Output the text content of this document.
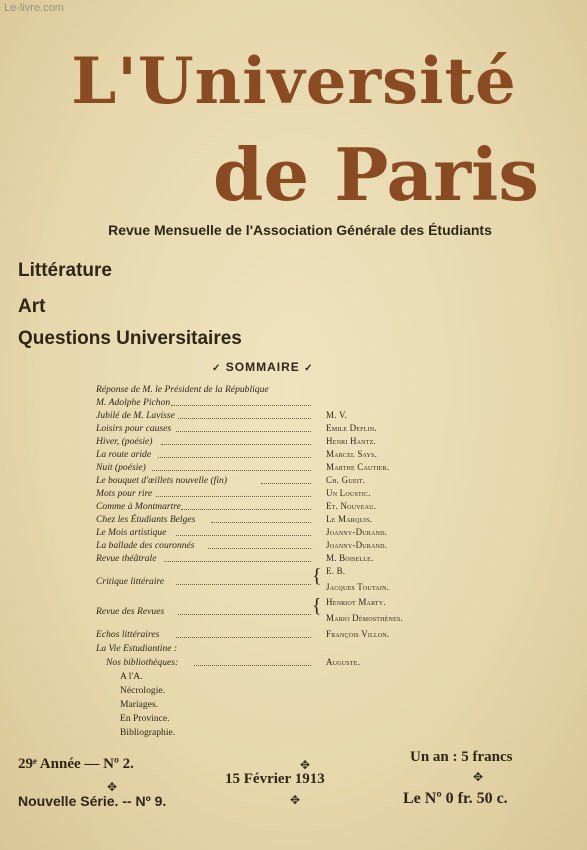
Le-livre.com
L'Université
de Paris
Revue Mensuelle de l'Association Générale des Étudiants
Littérature
Art
Questions Universitaires
✓ SOMMAIRE ✓
Réponse de M. le Président de la République
M. Adolphe Pichon
Jubilé de M. Lavisse	M. V.
Loisirs pour causes	Emile Deflin.
Hiver, (poésie)	Henri Hantz.
La route aride	Marcel Says.
Nuit (poésie)	Marthe Cautier.
Le bouquet d'œillets nouvelle (fin)	Ch. Gueit.
Mots pour rire	Un Loustic.
Comme à Montmartre	Et. Nouveau.
Chez les Étudiants Belges	Le Marquis.
Le Mois artistique	Joanny-Durand.
La ballade des couronnés	Joanny-Durand.
Revue théâtrale	M. Boiselle.
Critique littéraire	{ E. B.
Jacques Toutain.
Revue des Revues	{ Henriot Marty.
Mario Démosthènes.
Echos littéraires	François Villon.
La Vie Estudiantine :
Nos bibliothèques:	Auguste.
A l'A.
Nécrologie.
Mariages.
En Province.
Bibliographie.
29ᵉ Année — Nº 2.	Un an : 5 francs
15 Février 1913
Nouvelle Série. -- Nº 9.	Le Nº 0 fr. 50 c.
✥
✥
✥
✥
